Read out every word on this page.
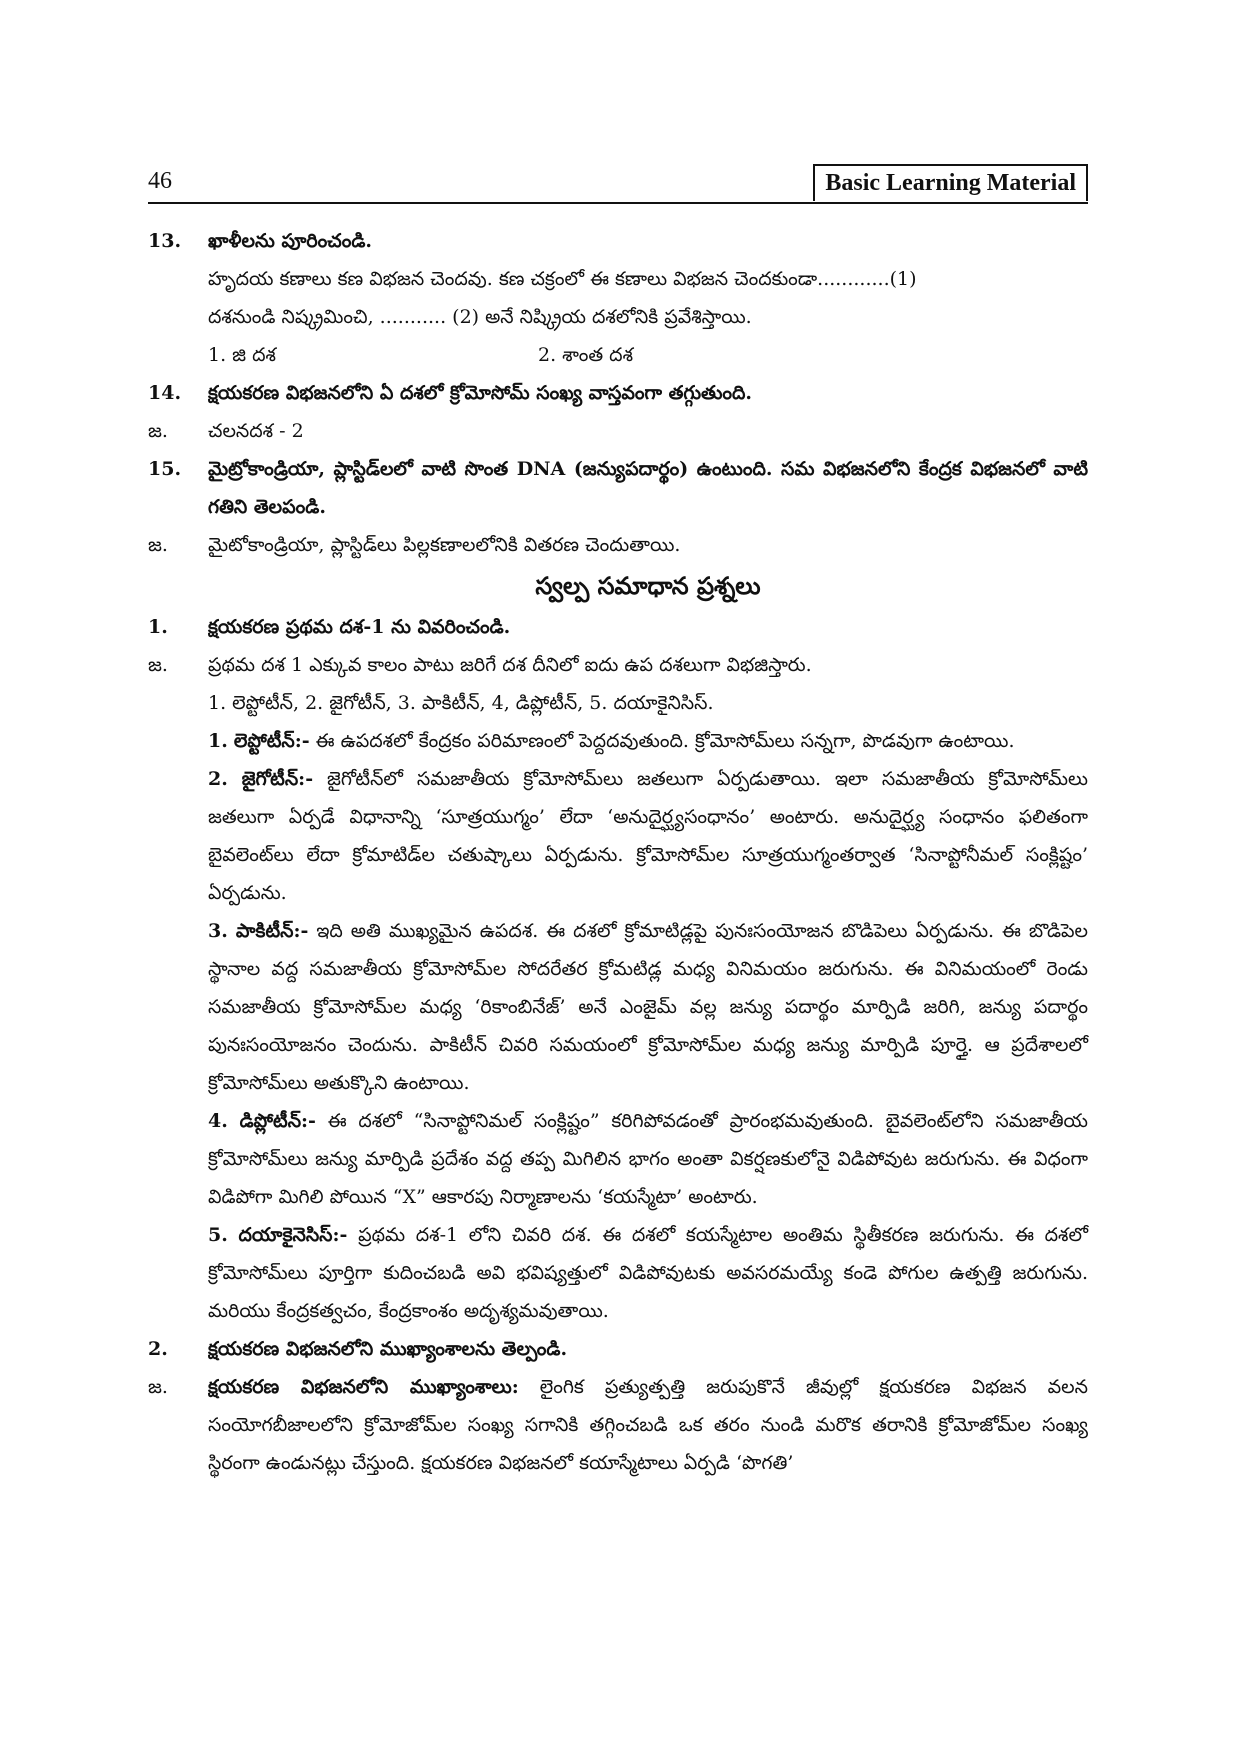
46	Basic Learning Material
13.	ఖాళీలను పూరించండి.
హృదయ కణాలు కణ విభజన చెందవు. కణ చక్రంలో ఈ కణాలు విభజన చెందకుండా............(1)
దశనుండి నిష్క్రమించి, ........... (2) అనే నిష్క్రియ దశలోనికి ప్రవేశిస్తాయి.
1. జి దశ	2. శాంత దశ
14.	క్షయకరణ విభజనలోని ఏ దశలో క్రోమోసోమ్ సంఖ్య వాస్తవంగా తగ్గుతుంది.
జ.	చలనదశ - 2
15.	మైట్రోకాండ్రియా, ప్లాస్టిడ్‌లలో వాటి సొంత DNA (జన్యుపదార్థం) ఉంటుంది. సమ విభజనలోని కేంద్రక విభజనలో వాటి గతిని తెలపండి.
జ.	మైటోకాండ్రియా, ప్లాస్టిడ్‌లు పిల్లకణాలలోనికి వితరణ చెందుతాయి.
స్వల్ప సమాధాన ప్రశ్నలు
1.	క్షయకరణ ప్రథమ దశ-1 ను వివరించండి.
జ.	ప్రథమ దశ 1 ఎక్కువ కాలం పాటు జరిగే దశ దీనిలో ఐదు ఉప దశలుగా విభజిస్తారు.
1. లెప్టోటీన్, 2. జైగోటీన్, 3. పాకిటీన్, 4, డిప్లోటీన్, 5. దయాకైనిసిస్.
1. లెప్టోటీన్:- ఈ ఉపదశలో కేంద్రకం పరిమాణంలో పెద్దదవుతుంది. క్రోమోసోమ్‌లు సన్నగా, పొడవుగా ఉంటాయి.
2. జైగోటీన్:- జైగోటీన్‌లో సమజాతీయ క్రోమోసోమ్‌లు జతలుగా ఏర్పడుతాయి. ఇలా సమజాతీయ క్రోమోసోమ్‌లు జతలుగా ఏర్పడే విధానాన్ని ‘సూత్రయుగ్మం’ లేదా ‘అనుదైర్ఘ్యసంధానం’ అంటారు. అనుదైర్ఘ్య సంధానం ఫలితంగా బైవలెంట్‌లు లేదా క్రోమాటిడ్‌ల చతుష్కాలు ఏర్పడును. క్రోమోసోమ్‌ల సూత్రయుగ్మంతర్వాత ‘సినాప్టోనీమల్ సంక్లిష్టం’ ఏర్పడును.
3. పాకిటీన్:- ఇది అతి ముఖ్యమైన ఉపదశ. ఈ దశలో క్రోమాటిడ్లపై పునఃసంయోజన బొడిపెలు ఏర్పడును. ఈ బొడిపెల స్థానాల వద్ద సమజాతీయ క్రోమోసోమ్‌ల సోదరేతర క్రోమటిడ్ల మధ్య వినిమయం జరుగును. ఈ వినిమయంలో రెండు సమజాతీయ క్రోమోసోమ్‌ల మధ్య ‘రికాంబినేజ్’ అనే ఎంజైమ్ వల్ల జన్యు పదార్థం మార్పిడి జరిగి, జన్యు పదార్థం పునఃసంయోజనం చెందును. పాకిటీన్ చివరి సమయంలో క్రోమోసోమ్‌ల మధ్య జన్యు మార్పిడి పూర్తై. ఆ ప్రదేశాలలో క్రోమోసోమ్‌లు అతుక్కొని ఉంటాయి.
4. డిప్లోటీన్:- ఈ దశలో “సినాప్టోనిమల్ సంక్లిష్టం” కరిగిపోవడంతో ప్రారంభమవుతుంది. బైవలెంట్‌లోని సమజాతీయ క్రోమోసోమ్‌లు జన్యు మార్పిడి ప్రదేశం వద్ద తప్ప మిగిలిన భాగం అంతా వికర్షణకులోనై విడిపోవుట జరుగును. ఈ విధంగా విడిపోగా మిగిలి పోయిన “X” ఆకారపు నిర్మాణాలను ‘కయస్మేటా’ అంటారు.
5. దయాకైనెసిస్:- ప్రథమ దశ-1 లోని చివరి దశ. ఈ దశలో కయస్మేటాల అంతిమ స్థితీకరణ జరుగును. ఈ దశలో క్రోమోసోమ్‌లు పూర్తిగా కుదించబడి అవి భవిష్యత్తులో విడిపోవుటకు అవసరమయ్యే కండె పోగుల ఉత్పత్తి జరుగును. మరియు కేంద్రకత్వచం, కేంద్రకాంశం అదృశ్యమవుతాయి.
2.	క్షయకరణ విభజనలోని ముఖ్యాంశాలను తెల్పండి.
జ.	క్షయకరణ విభజనలోని ముఖ్యాంశాలు: లైంగిక ప్రత్యుత్పత్తి జరుపుకొనే జీవుల్లో క్షయకరణ విభజన వలన సంయోగబీజాలలోని క్రోమోజోమ్‌ల సంఖ్య సగానికి తగ్గించబడి ఒక తరం నుండి మరొక తరానికి క్రోమోజోమ్‌ల సంఖ్య స్థిరంగా ఉండునట్లు చేస్తుంది. క్షయకరణ విభజనలో కయాస్మేటాలు ఏర్పడి ‘పొగతి’
